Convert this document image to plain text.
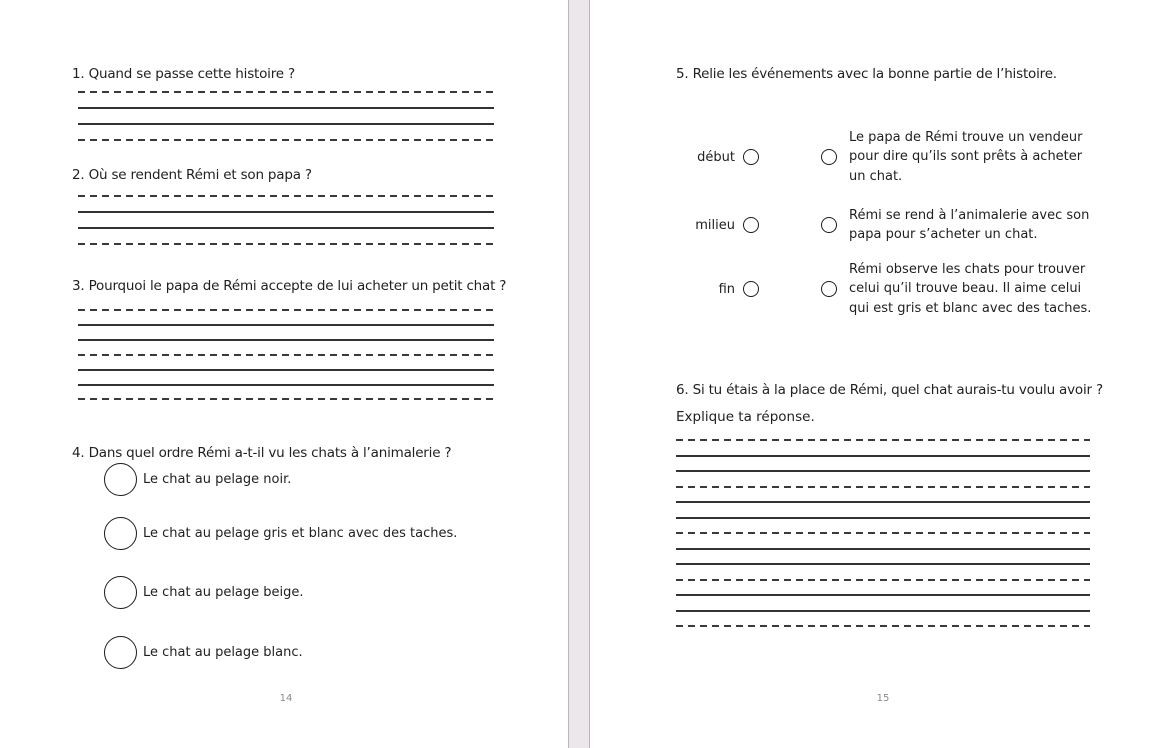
1. Quand se passe cette histoire ?
2. Où se rendent Rémi et son papa ?
3. Pourquoi le papa de Rémi accepte de lui acheter un petit chat ?
4. Dans quel ordre Rémi a-t-il vu les chats à l’animalerie ?
Le chat au pelage noir.
Le chat au pelage gris et blanc avec des taches.
Le chat au pelage beige.
Le chat au pelage blanc.
14
5. Relie les événements avec la bonne partie de l’histoire.
début
Le papa de Rémi trouve un vendeur
pour dire qu’ils sont prêts à acheter
un chat.
milieu
Rémi se rend à l’animalerie avec son
papa pour s’acheter un chat.
fin
Rémi observe les chats pour trouver
celui qu’il trouve beau. Il aime celui
qui est gris et blanc avec des taches.
6. Si tu étais à la place de Rémi, quel chat aurais-tu voulu avoir ?
Explique ta réponse.
15
